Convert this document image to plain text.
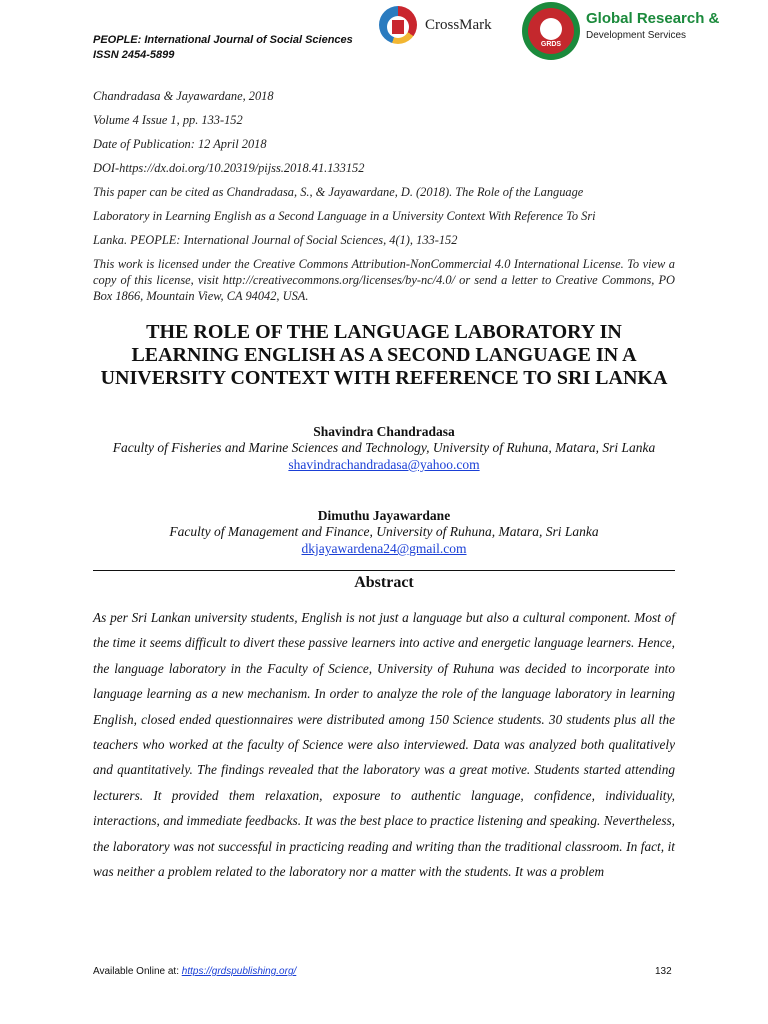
PEOPLE: International Journal of Social Sciences
ISSN 2454-5899
CrossMark
GRDS
Global Research &
Development Services

Chandradasa & Jayawardane, 2018

Volume 4 Issue 1, pp. 133-152

Date of Publication: 12 April 2018

DOI-https://dx.doi.org/10.20319/pijss.2018.41.133152

This paper can be cited as Chandradasa, S., & Jayawardane, D. (2018). The Role of the Language

Laboratory in Learning English as a Second Language in a University Context With Reference To Sri

Lanka. PEOPLE: International Journal of Social Sciences, 4(1), 133-152

This work is licensed under the Creative Commons Attribution-NonCommercial 4.0 International License. To view a copy of this license, visit http://creativecommons.org/licenses/by-nc/4.0/ or send a letter to Creative Commons, PO Box 1866, Mountain View, CA 94042, USA.

THE ROLE OF THE LANGUAGE LABORATORY IN LEARNING ENGLISH AS A SECOND LANGUAGE IN A UNIVERSITY CONTEXT WITH REFERENCE TO SRI LANKA

Shavindra Chandradasa

Faculty of Fisheries and Marine Sciences and Technology, University of Ruhuna, Matara, Sri Lanka

shavindrachandradasa@yahoo.com

Dimuthu Jayawardane

Faculty of Management and Finance, University of Ruhuna, Matara, Sri Lanka

dkjayawardena24@gmail.com
Abstract

As per Sri Lankan university students, English is not just a language but also a cultural component. Most of the time it seems difficult to divert these passive learners into active and energetic language learners. Hence, the language laboratory in the Faculty of Science, University of Ruhuna was decided to incorporate into language learning as a new mechanism. In order to analyze the role of the language laboratory in learning English, closed ended questionnaires were distributed among 150 Science students. 30 students plus all the teachers who worked at the faculty of Science were also interviewed. Data was analyzed both qualitatively and quantitatively. The findings revealed that the laboratory was a great motive. Students started attending lecturers. It provided them relaxation, exposure to authentic language, confidence, individuality, interactions, and immediate feedbacks. It was the best place to practice listening and speaking. Nevertheless, the laboratory was not successful in practicing reading and writing than the traditional classroom. In fact, it was neither a problem related to the laboratory nor a matter with the students. It was a problem

Available Online at: https://grdspublishing.org/	132
